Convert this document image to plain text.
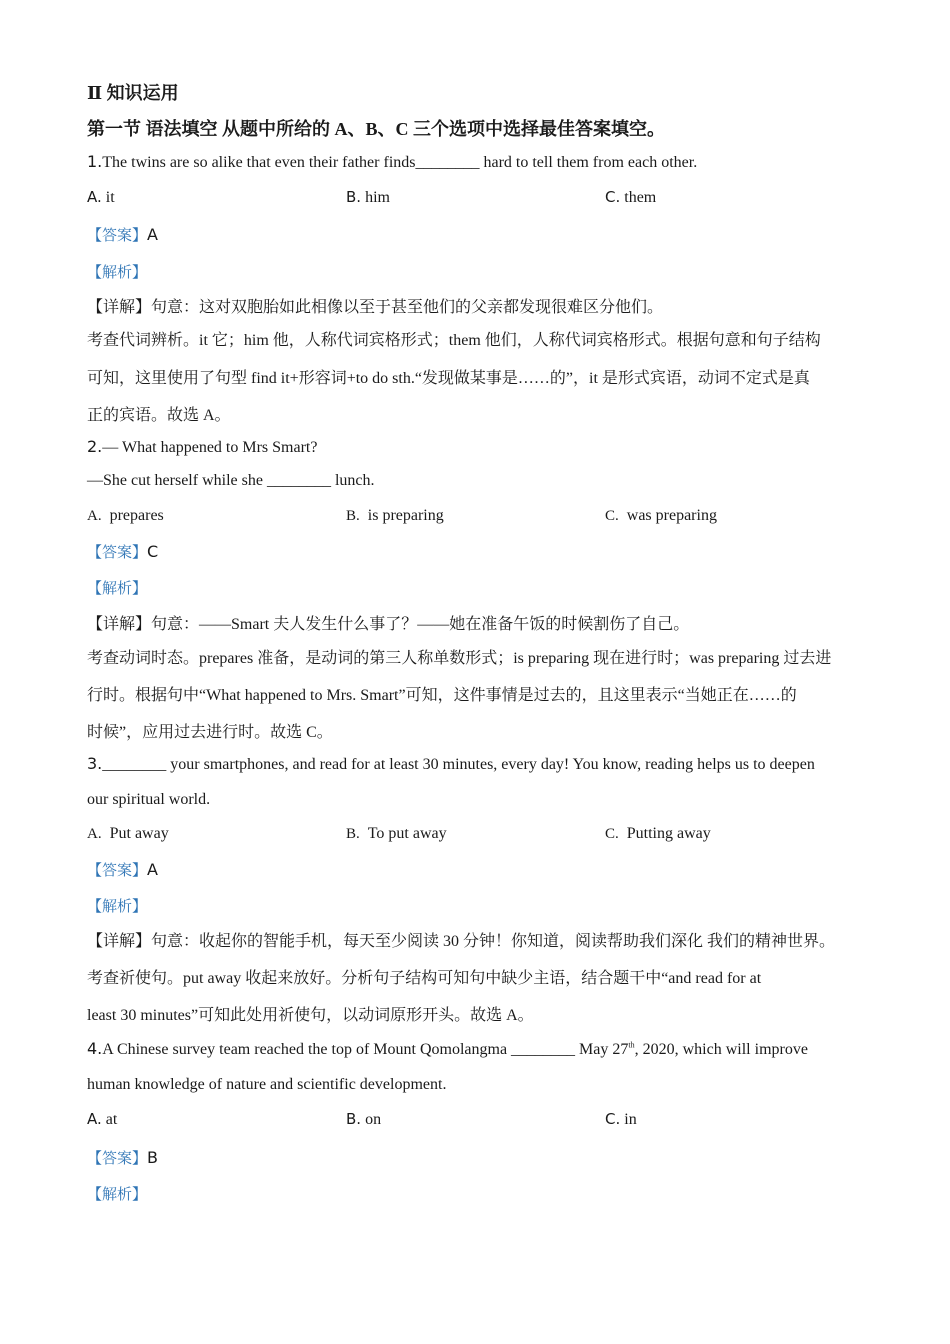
Ⅱ 知识运用
第一节 语法填空 从题中所给的 A、B、C 三个选项中选择最佳答案填空。
1.The twins are so alike that even their father finds________ hard to tell them from each other.
A. it	B. him	C. them
【答案】A
【解析】
【详解】句意：这对双胞胎如此相像以至于甚至他们的父亲都发现很难区分他们。
考查代词辨析。it 它；him 他，人称代词宾格形式；them 他们，人称代词宾格形式。根据句意和句子结构
可知，这里使用了句型 find it+形容词+to do sth.“发现做某事是……的”，it 是形式宾语，动词不定式是真
正的宾语。故选 A。
2.— What happened to Mrs Smart?
—She cut herself while she ________ lunch.
A. prepares	B. is preparing	C. was preparing
【答案】C
【解析】
【详解】句意：——Smart 夫人发生什么事了？——她在准备午饭的时候割伤了自己。
考查动词时态。prepares 准备，是动词的第三人称单数形式；is preparing 现在进行时；was preparing 过去进
行时。根据句中“What happened to Mrs. Smart”可知，这件事情是过去的，且这里表示“当她正在……的
时候”，应用过去进行时。故选 C。
3.________ your smartphones, and read for at least 30 minutes, every day! You know, reading helps us to deepen
our spiritual world.
A. Put away	B. To put away	C. Putting away
【答案】A
【解析】
【详解】句意：收起你的智能手机，每天至少阅读 30 分钟！你知道，阅读帮助我们深化 我们的精神世界。
考查祈使句。put away 收起来放好。分析句子结构可知句中缺少主语，结合题干中“and read for at
least 30 minutes”可知此处用祈使句，以动词原形开头。故选 A。
4.A Chinese survey team reached the top of Mount Qomolangma ________ May 27th, 2020, which will improve
human knowledge of nature and scientific development.
A. at	B. on	C. in
【答案】B
【解析】
